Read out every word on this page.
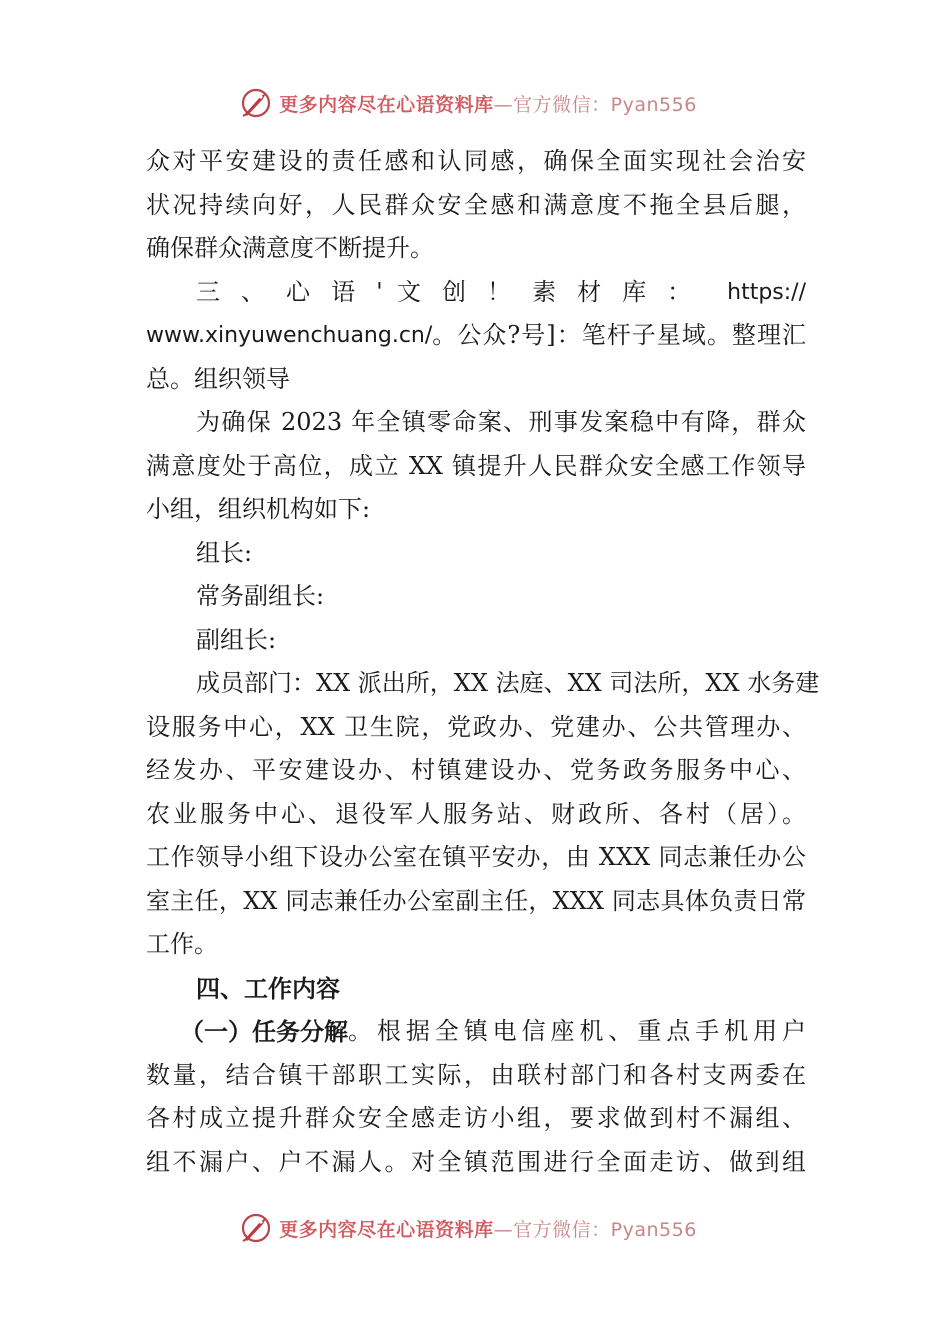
更多内容尽在心语资料库—官方微信：Pyan556
众对平安建设的责任感和认同感，确保全面实现社会治安
状况持续向好，人民群众安全感和满意度不拖全县后腿，
确保群众满意度不断提升。
三 、 心 语 ' 文 创 ！ 素 材 库 ：	https://
www.xinyuwenchuang.cn/ 。公众?号]：笔杆子星域。整理汇
总。组织领导
为确保 2023 年全镇零命案、刑事发案稳中有降，群众
满意度处于高位，成立 XX 镇提升人民群众安全感工作领导
小组，组织机构如下:
组长:
常务副组长:
副组长:
成员部门：XX 派出所，XX 法庭、XX 司法所，XX 水务建
设服务中心，XX 卫生院，党政办、党建办、公共管理办、
经发办、平安建设办、村镇建设办、党务政务服务中心、
农业服务中心、退役军人服务站、财政所、各村（居）。
工作领导小组下设办公室在镇平安办，由 XXX 同志兼任办公
室主任，XX 同志兼任办公室副主任，XXX 同志具体负责日常
工作。
四、工作内容
（一）任务分解 。根据全镇电信座机、重点手机用户
数量，结合镇干部职工实际，由联村部门和各村支两委在
各村成立提升群众安全感走访小组，要求做到村不漏组、
组不漏户、户不漏人。对全镇范围进行全面走访、做到组
更多内容尽在心语资料库—官方微信：Pyan556
